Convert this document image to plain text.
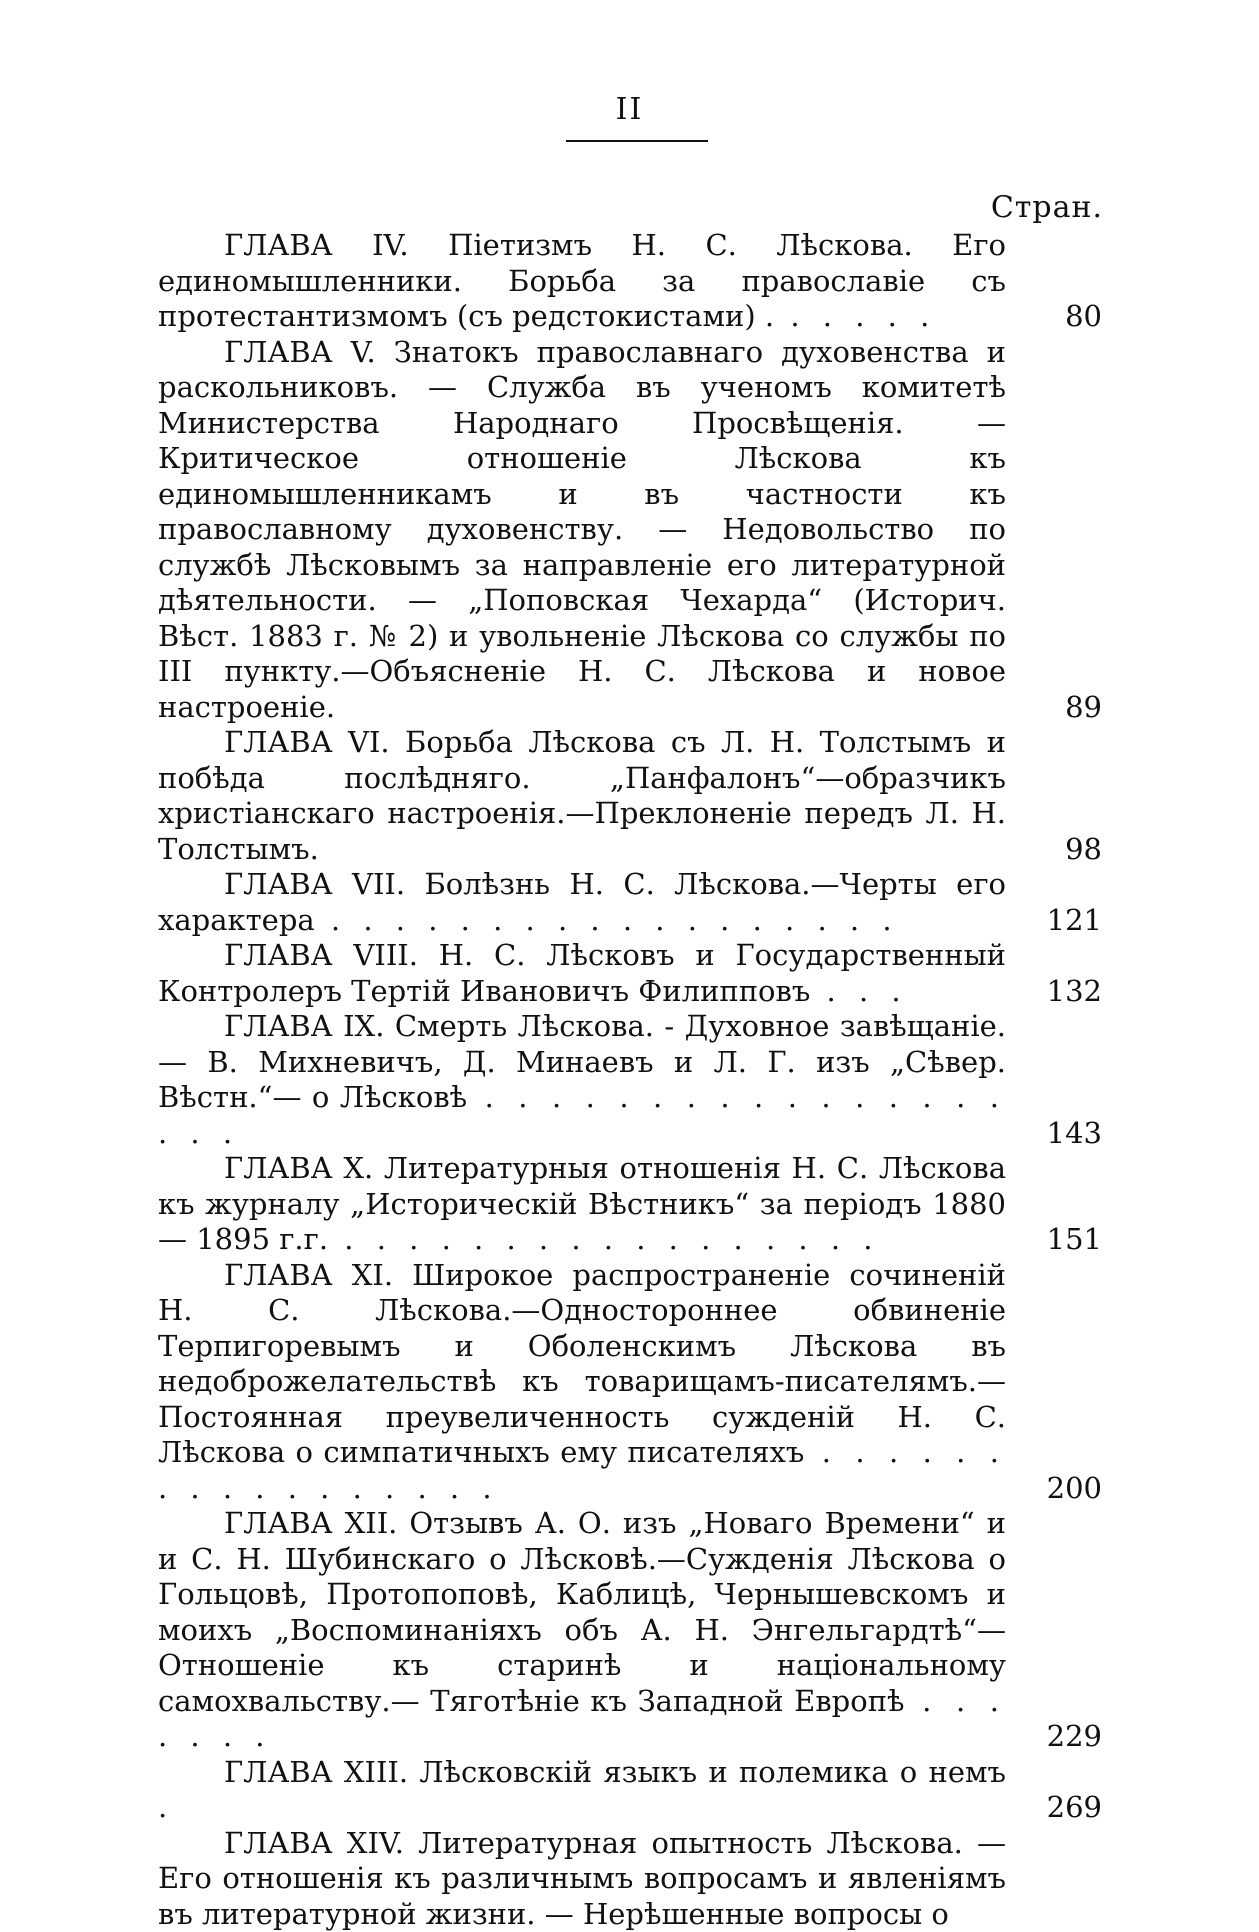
II
Стран.
ГЛАВА IV. Піетизмъ Н. С. Лѣскова. Его единомышленники. Борьба за православіе съ протестантизмомъ (съ редстокистами) . . . . . .	80
ГЛАВА V. Знатокъ православнаго духовенства и раскольниковъ. — Служба въ ученомъ комитетѣ Министерства Народнаго Просвѣщенія. — Критическое отношеніе Лѣскова къ единомышленникамъ и въ частности къ православному духовенству. — Недовольство по службѣ Лѣсковымъ за направленіе его литературной дѣятельности. — „Поповская Чехарда“ (Историч. Вѣст. 1883 г. № 2) и увольненіе Лѣскова со службы по III пункту.—Объясненіе Н. С. Лѣскова и новое настроеніе.	89
ГЛАВА VI. Борьба Лѣскова съ Л. Н. Толстымъ и побѣда послѣдняго. „Панфалонъ“—образчикъ христіанскаго настроенія.—Преклоненіе передъ Л. Н. Толстымъ.	98
ГЛАВА VII. Болѣзнь Н. С. Лѣскова.—Черты его характера . . . . . . . . . . . . . . . . . .	121
ГЛАВА VIII. Н. С. Лѣсковъ и Государственный Контролеръ Тертій Ивановичъ Филипповъ . . .	132
ГЛАВА IX. Смерть Лѣскова. - Духовное завѣщаніе.— В. Михневичъ, Д. Минаевъ и Л. Г. изъ „Сѣвер. Вѣстн.“— о Лѣсковѣ . . . . . . . . . . . . . . . . . . .	143
ГЛАВА X. Литературныя отношенія Н. С. Лѣскова къ журналу „Историческій Вѣстникъ“ за періодъ 1880— 1895 г.г. . . . . . . . . . . . . . . . . .	151
ГЛАВА XI. Широкое распространеніе сочиненій Н. С. Лѣскова.—Одностороннее обвиненіе Терпигоревымъ и Оболенскимъ Лѣскова въ недоброжелательствѣ къ товарищамъ-писателямъ.—Постоянная преувеличенность сужденій Н. С. Лѣскова о симпатичныхъ ему писателяхъ . . . . . . . . . . . . . . . . .	200
ГЛАВА XII. Отзывъ А. О. изъ „Новаго Времени“ и и С. Н. Шубинскаго о Лѣсковѣ.—Сужденія Лѣскова о Гольцовѣ, Протопоповѣ, Каблицѣ, Чернышевскомъ и моихъ „Воспоминаніяхъ объ А. Н. Энгельгардтѣ“—Отношеніе къ старинѣ и національному самохвальству.— Тяготѣніе къ Западной Европѣ . . . . . . .	229
ГЛАВА XIII. Лѣсковскій языкъ и полемика о немъ .	269
ГЛАВА XIV. Литературная опытность Лѣскова. — Его отношенія къ различнымъ вопросамъ и явленіямъ въ литературной жизни. — Нерѣшенные вопросы о
